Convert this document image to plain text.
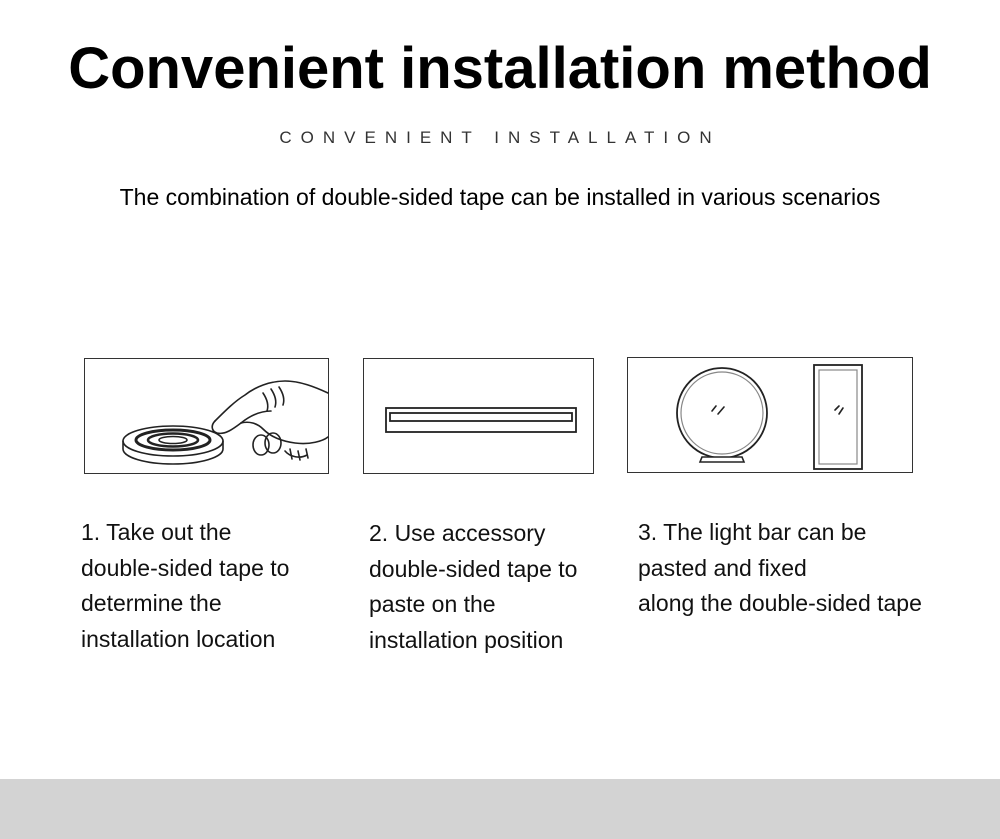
Convenient installation method
CONVENIENT INSTALLATION
The combination of double-sided tape can be installed in various scenarios
1. Take out the
double-sided tape to
determine the
installation location
2. Use accessory
double-sided tape to
paste on the
installation position
3. The light bar can be
pasted and fixed
along the double-sided tape
